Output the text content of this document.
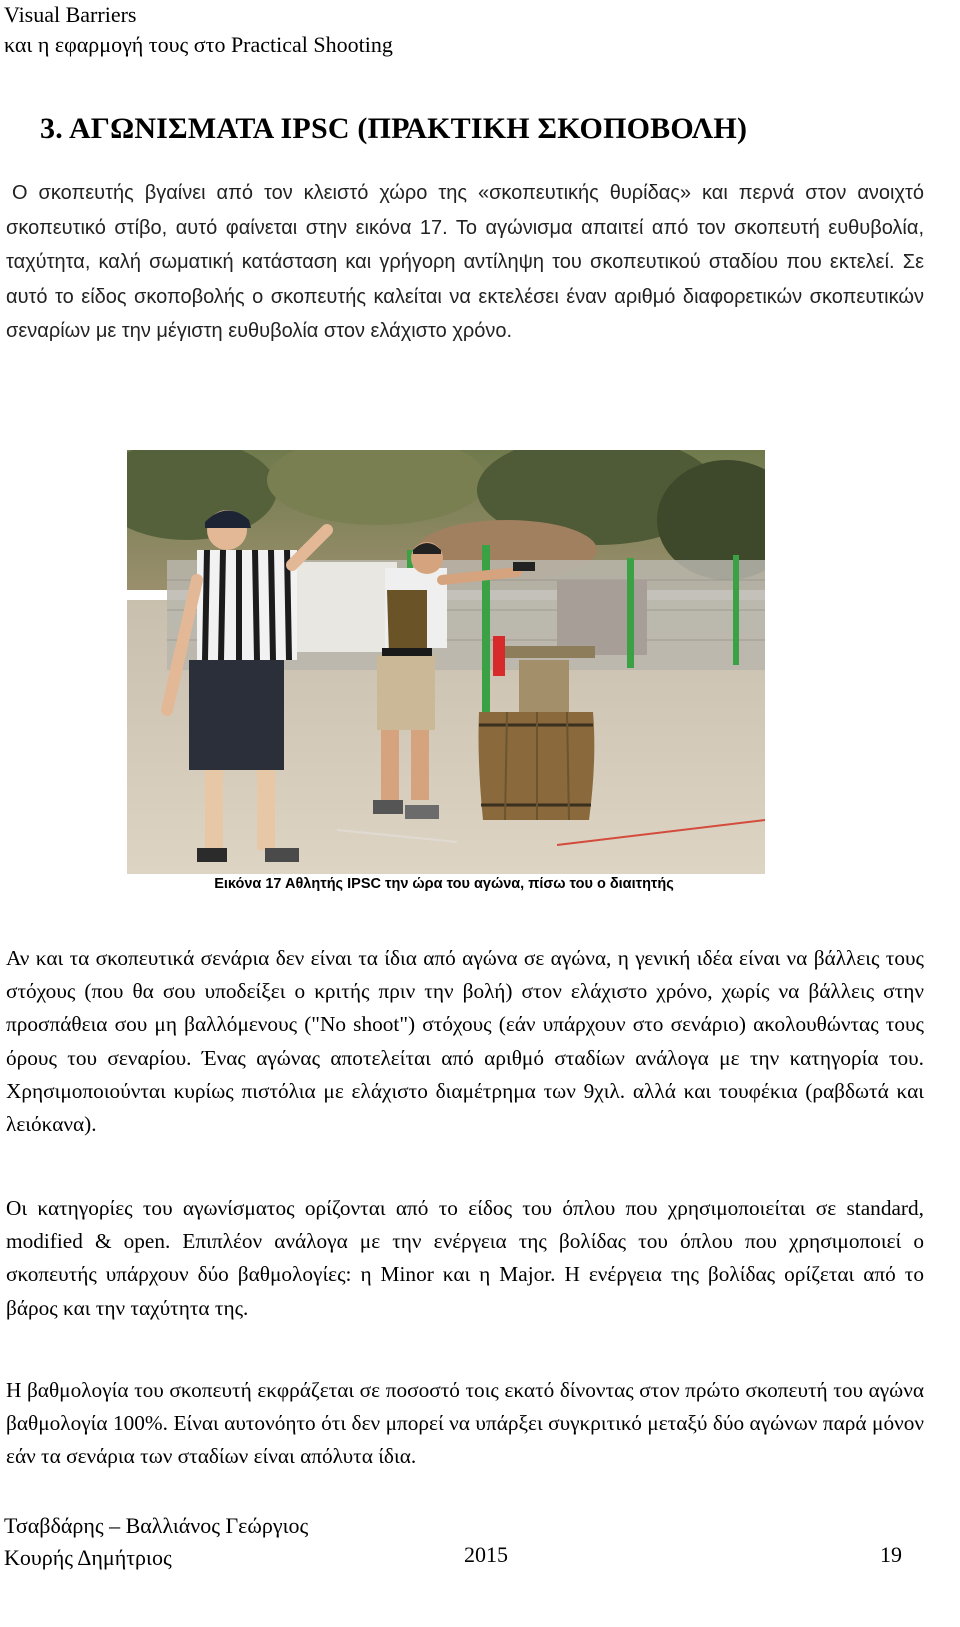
Visual Barriers
και η εφαρμογή τους στο Practical Shooting
3. ΑΓΩΝΙΣΜΑΤΑ IPSC (ΠΡΑΚΤΙΚΗ ΣΚΟΠΟΒΟΛΗ)
Ο σκοπευτής βγαίνει από τον κλειστό χώρο της «σκοπευτικής θυρίδας» και περνά στον ανοιχτό σκοπευτικό στίβο, αυτό φαίνεται στην εικόνα 17. Το αγώνισμα απαιτεί από τον σκοπευτή ευθυβολία, ταχύτητα, καλή σωματική κατάσταση και γρήγορη αντίληψη του σκοπευτικού σταδίου που εκτελεί. Σε αυτό το είδος σκοποβολής ο σκοπευτής καλείται να εκτελέσει έναν αριθμό διαφορετικών σκοπευτικών σεναρίων με την μέγιστη ευθυβολία στον ελάχιστο χρόνο.
Εικόνα 17 Αθλητής IPSC την ώρα του αγώνα, πίσω του ο διαιτητής
Αν και τα σκοπευτικά σενάρια δεν είναι τα ίδια από αγώνα σε αγώνα, η γενική ιδέα είναι να βάλλεις τους στόχους (που θα σου υποδείξει ο κριτής πριν την βολή) στον ελάχιστο χρόνο, χωρίς να βάλλεις στην προσπάθεια σου μη βαλλόμενους ("No shoot") στόχους (εάν υπάρχουν στο σενάριο) ακολουθώντας τους όρους του σεναρίου. Ένας αγώνας αποτελείται από αριθμό σταδίων ανάλογα με την κατηγορία του. Χρησιμοποιούνται κυρίως πιστόλια με ελάχιστο διαμέτρημα των 9χιλ. αλλά και τουφέκια (ραβδωτά και λειόκανα).
Οι κατηγορίες του αγωνίσματος ορίζονται από το είδος του όπλου που χρησιμοποιείται σε standard, modified & open. Επιπλέον ανάλογα με την ενέργεια της βολίδας του όπλου που χρησιμοποιεί ο σκοπευτής υπάρχουν δύο βαθμολογίες: η Minor και η Major. Η ενέργεια της βολίδας ορίζεται από το βάρος και την ταχύτητα της.
Η βαθμολογία του σκοπευτή εκφράζεται σε ποσοστό τοις εκατό δίνοντας στον πρώτο σκοπευτή του αγώνα βαθμολογία 100%. Είναι αυτονόητο ότι δεν μπορεί να υπάρξει συγκριτικό μεταξύ δύο αγώνων παρά μόνον εάν τα σενάρια των σταδίων είναι απόλυτα ίδια.
Τσαβδάρης – Βαλλιάνος Γεώργιος
Κουρής Δημήτριος	2015	19
